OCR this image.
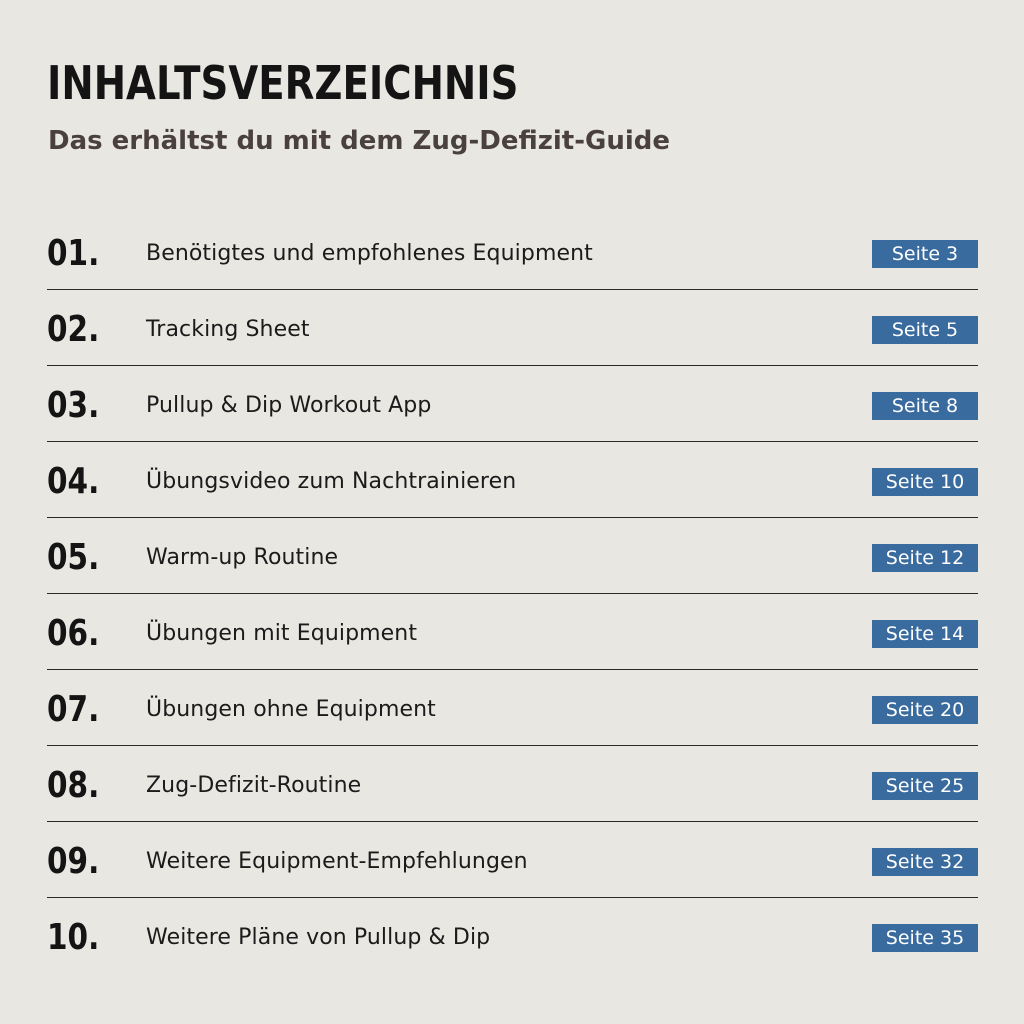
INHALTSVERZEICHNIS
Das erhältst du mit dem Zug-Defizit-Guide
01. Benötigtes und empfohlenes Equipment	Seite 3
02. Tracking Sheet	Seite 5
03. Pullup & Dip Workout App	Seite 8
04. Übungsvideo zum Nachtrainieren	Seite 10
05. Warm-up Routine	Seite 12
06. Übungen mit Equipment	Seite 14
07. Übungen ohne Equipment	Seite 20
08. Zug-Defizit-Routine	Seite 25
09. Weitere Equipment-Empfehlungen	Seite 32
10. Weitere Pläne von Pullup & Dip	Seite 35
